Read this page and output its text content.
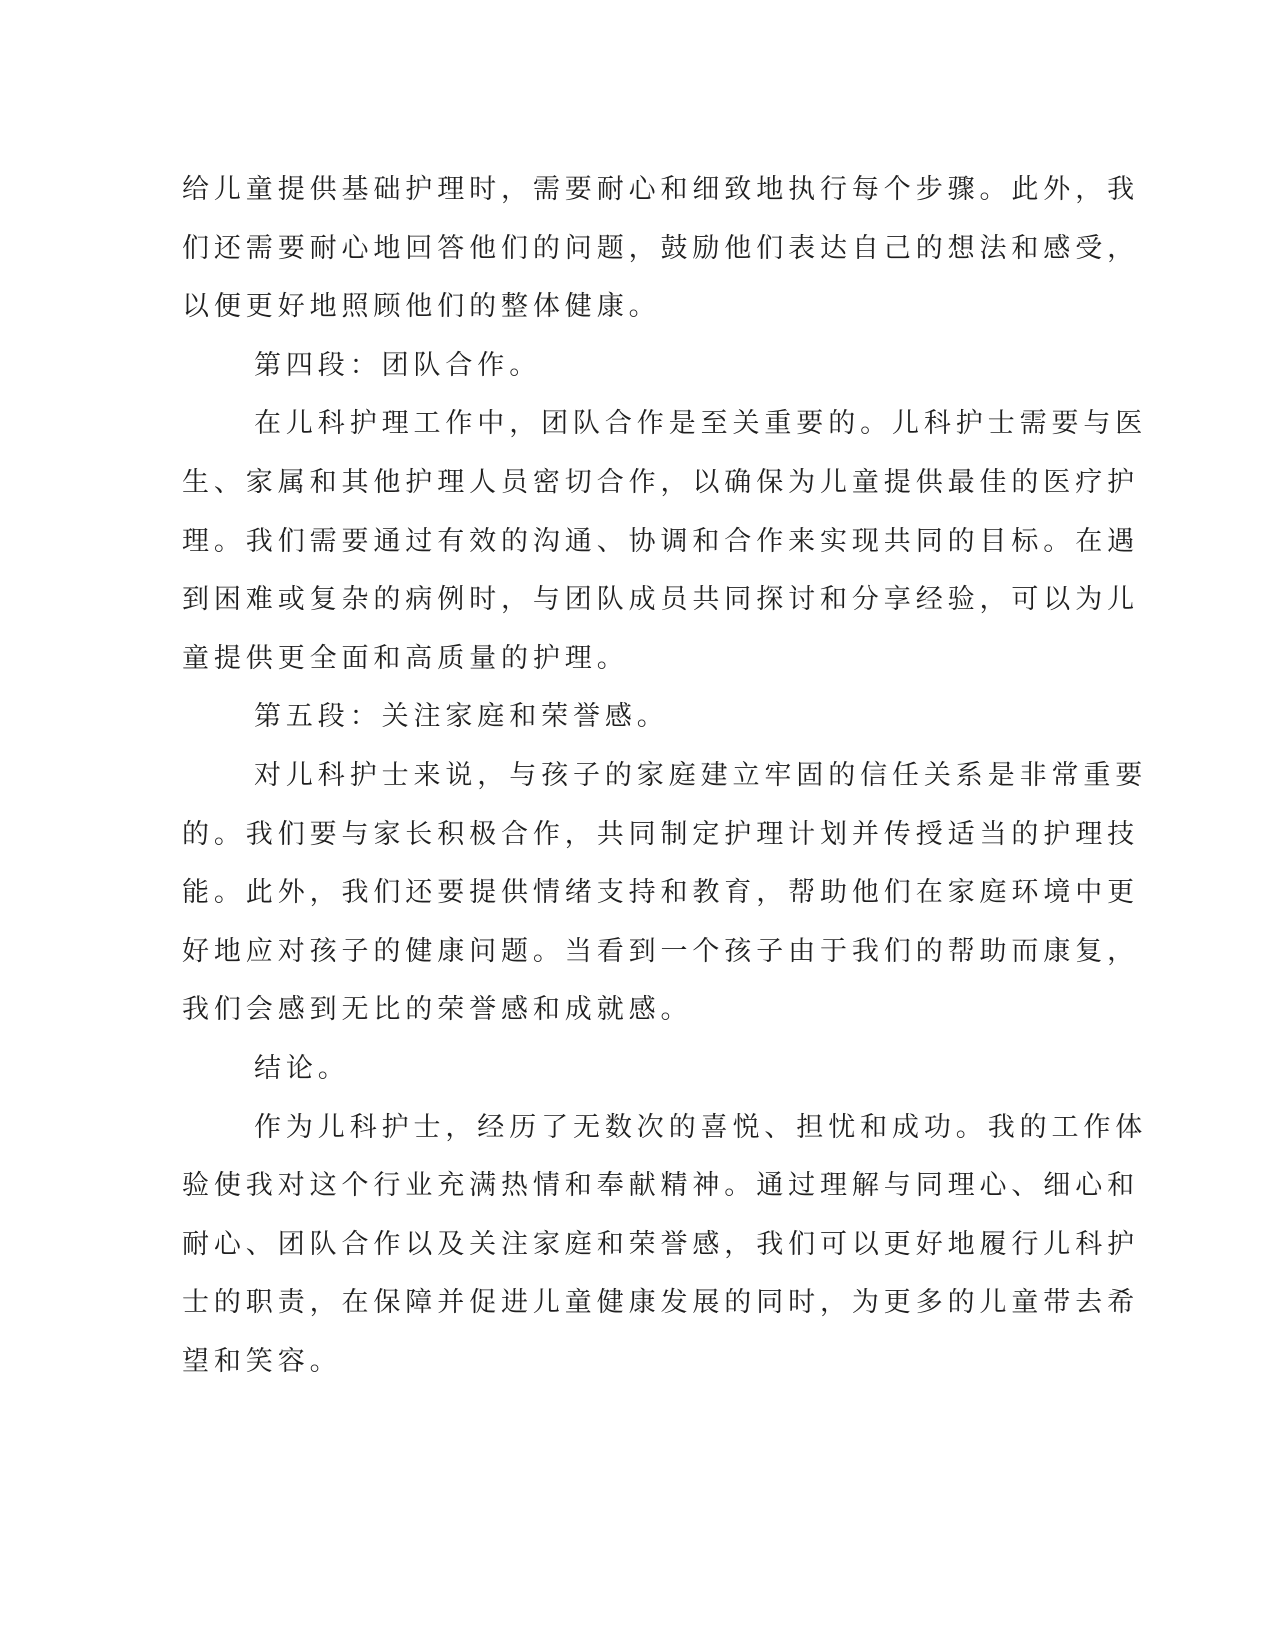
给儿童提供基础护理时，需要耐心和细致地执行每个步骤。此外，我
们还需要耐心地回答他们的问题，鼓励他们表达自己的想法和感受，
以便更好地照顾他们的整体健康。

第四段：团队合作。

在儿科护理工作中，团队合作是至关重要的。儿科护士需要与医
生、家属和其他护理人员密切合作，以确保为儿童提供最佳的医疗护
理。我们需要通过有效的沟通、协调和合作来实现共同的目标。在遇
到困难或复杂的病例时，与团队成员共同探讨和分享经验，可以为儿
童提供更全面和高质量的护理。

第五段：关注家庭和荣誉感。

对儿科护士来说，与孩子的家庭建立牢固的信任关系是非常重要
的。我们要与家长积极合作，共同制定护理计划并传授适当的护理技
能。此外，我们还要提供情绪支持和教育，帮助他们在家庭环境中更
好地应对孩子的健康问题。当看到一个孩子由于我们的帮助而康复，
我们会感到无比的荣誉感和成就感。

结论。

作为儿科护士，经历了无数次的喜悦、担忧和成功。我的工作体
验使我对这个行业充满热情和奉献精神。通过理解与同理心、细心和
耐心、团队合作以及关注家庭和荣誉感，我们可以更好地履行儿科护
士的职责，在保障并促进儿童健康发展的同时，为更多的儿童带去希
望和笑容。
